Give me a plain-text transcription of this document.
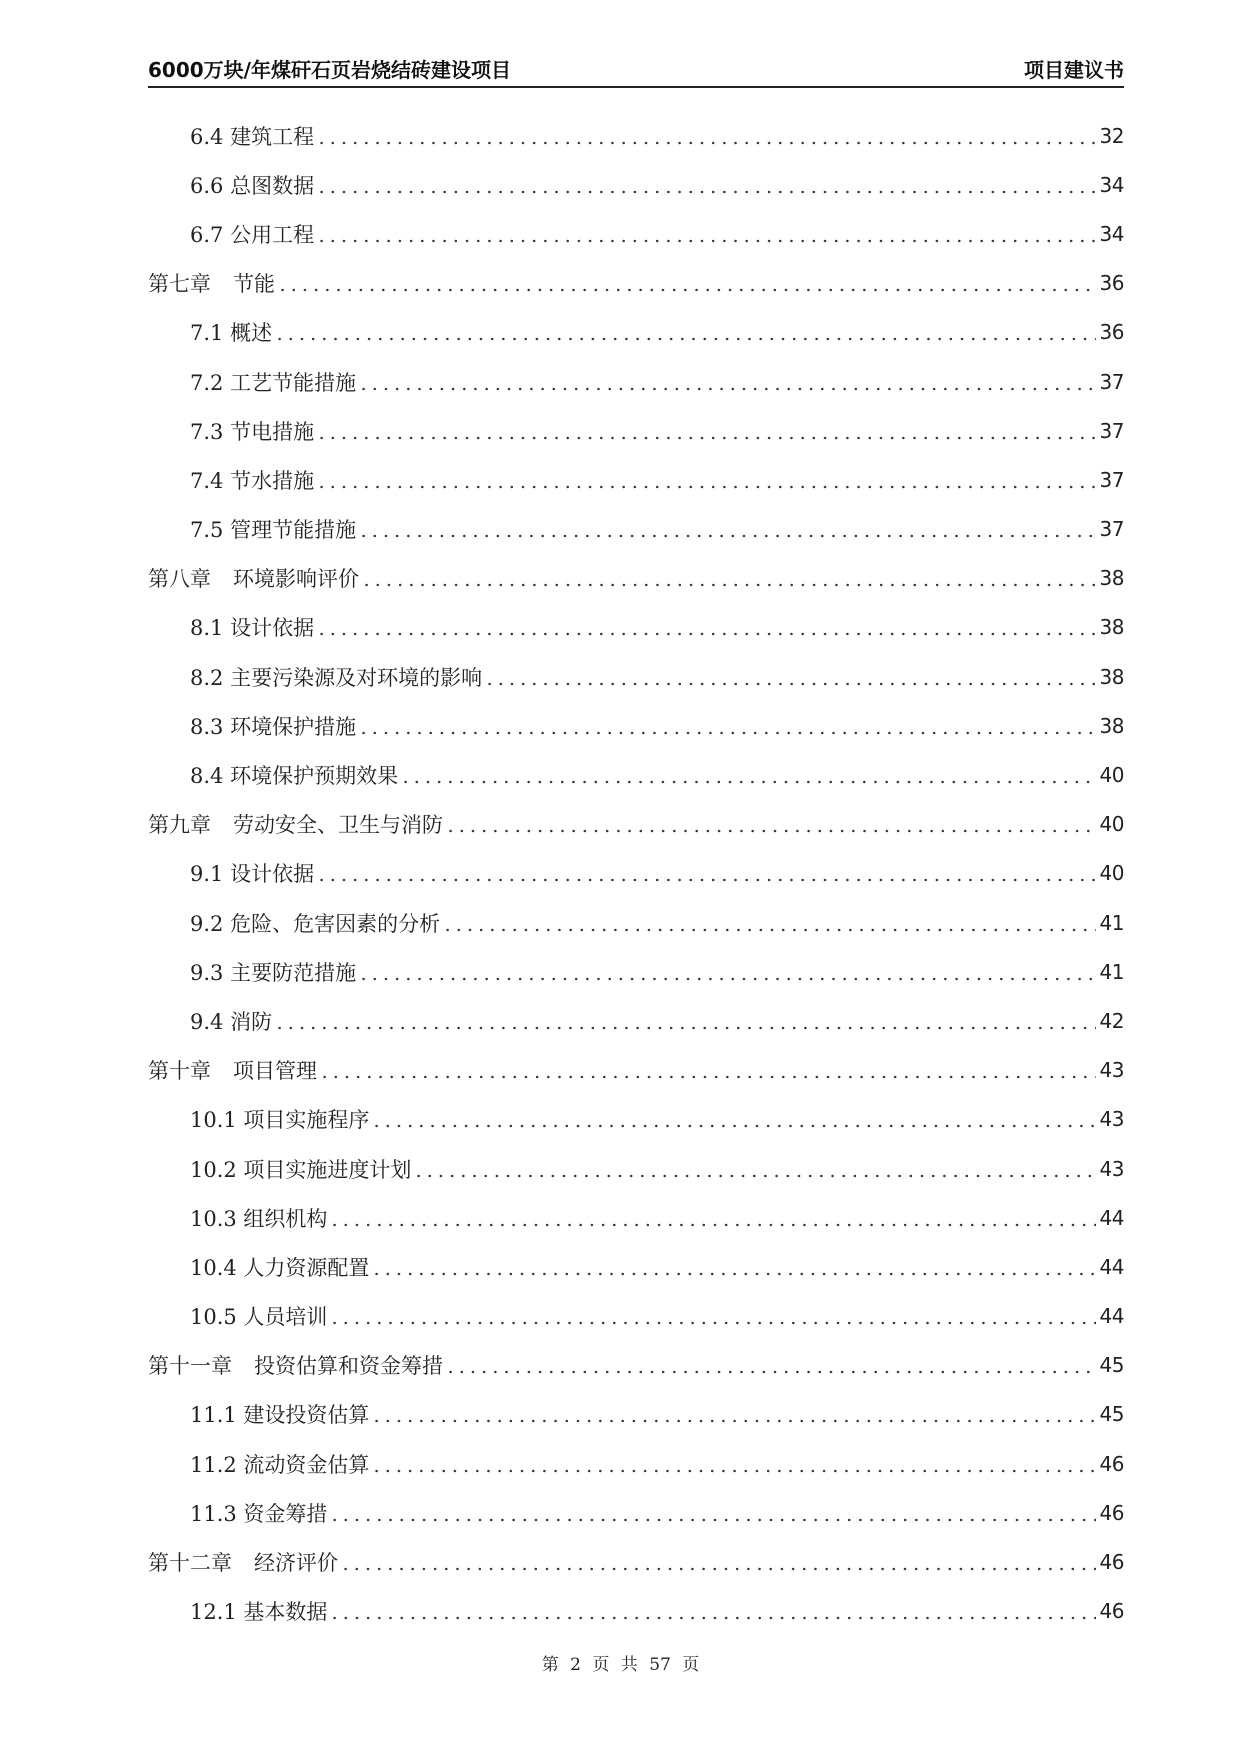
6000万块/年煤矸石页岩烧结砖建设项目	项目建议书
6.4 建筑工程	32
6.6 总图数据	34
6.7 公用工程	34
第七章 节能	36
7.1 概述	36
7.2 工艺节能措施	37
7.3 节电措施	37
7.4 节水措施	37
7.5 管理节能措施	37
第八章 环境影响评价	38
8.1 设计依据	38
8.2 主要污染源及对环境的影响	38
8.3 环境保护措施	38
8.4 环境保护预期效果	40
第九章 劳动安全、卫生与消防	40
9.1 设计依据	40
9.2 危险、危害因素的分析	41
9.3 主要防范措施	41
9.4 消防	42
第十章 项目管理	43
10.1 项目实施程序	43
10.2 项目实施进度计划	43
10.3 组织机构	44
10.4 人力资源配置	44
10.5 人员培训	44
第十一章 投资估算和资金筹措	45
11.1 建设投资估算	45
11.2 流动资金估算	46
11.3 资金筹措	46
第十二章 经济评价	46
12.1 基本数据	46
第 2 页 共 57 页
